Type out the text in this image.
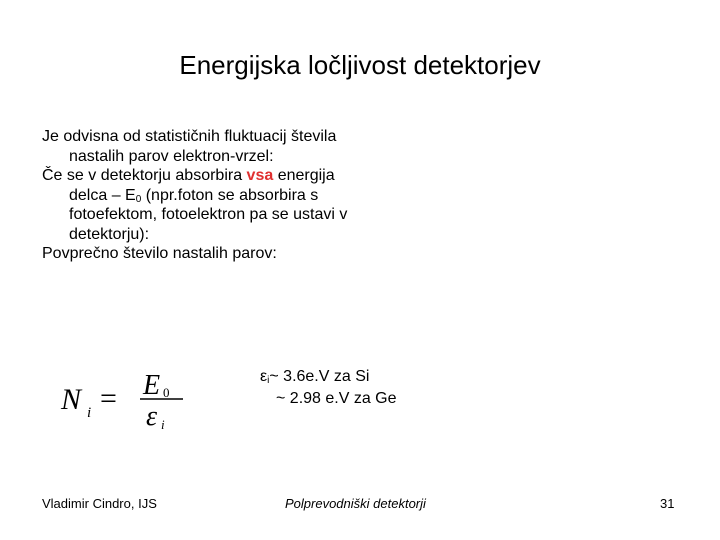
Energijska ločljivost detektorjev

Je odvisna od statističnih fluktuacij števila nastalih parov elektron-vrzel:

Če se v detektorju absorbira vsa energija delca – $E_0$ (npr.foton se absorbira s fotoefektom, fotoelektron pa se ustavi v detektorju):

Povprečno število nastalih parov:

N i = E 0
ε i
$\varepsilon_i\sim$ 3.6e.V za Si
~ 2.98 e.V za Ge
Vladimir Cindro, IJS	Polprevodniški detektorji	31
